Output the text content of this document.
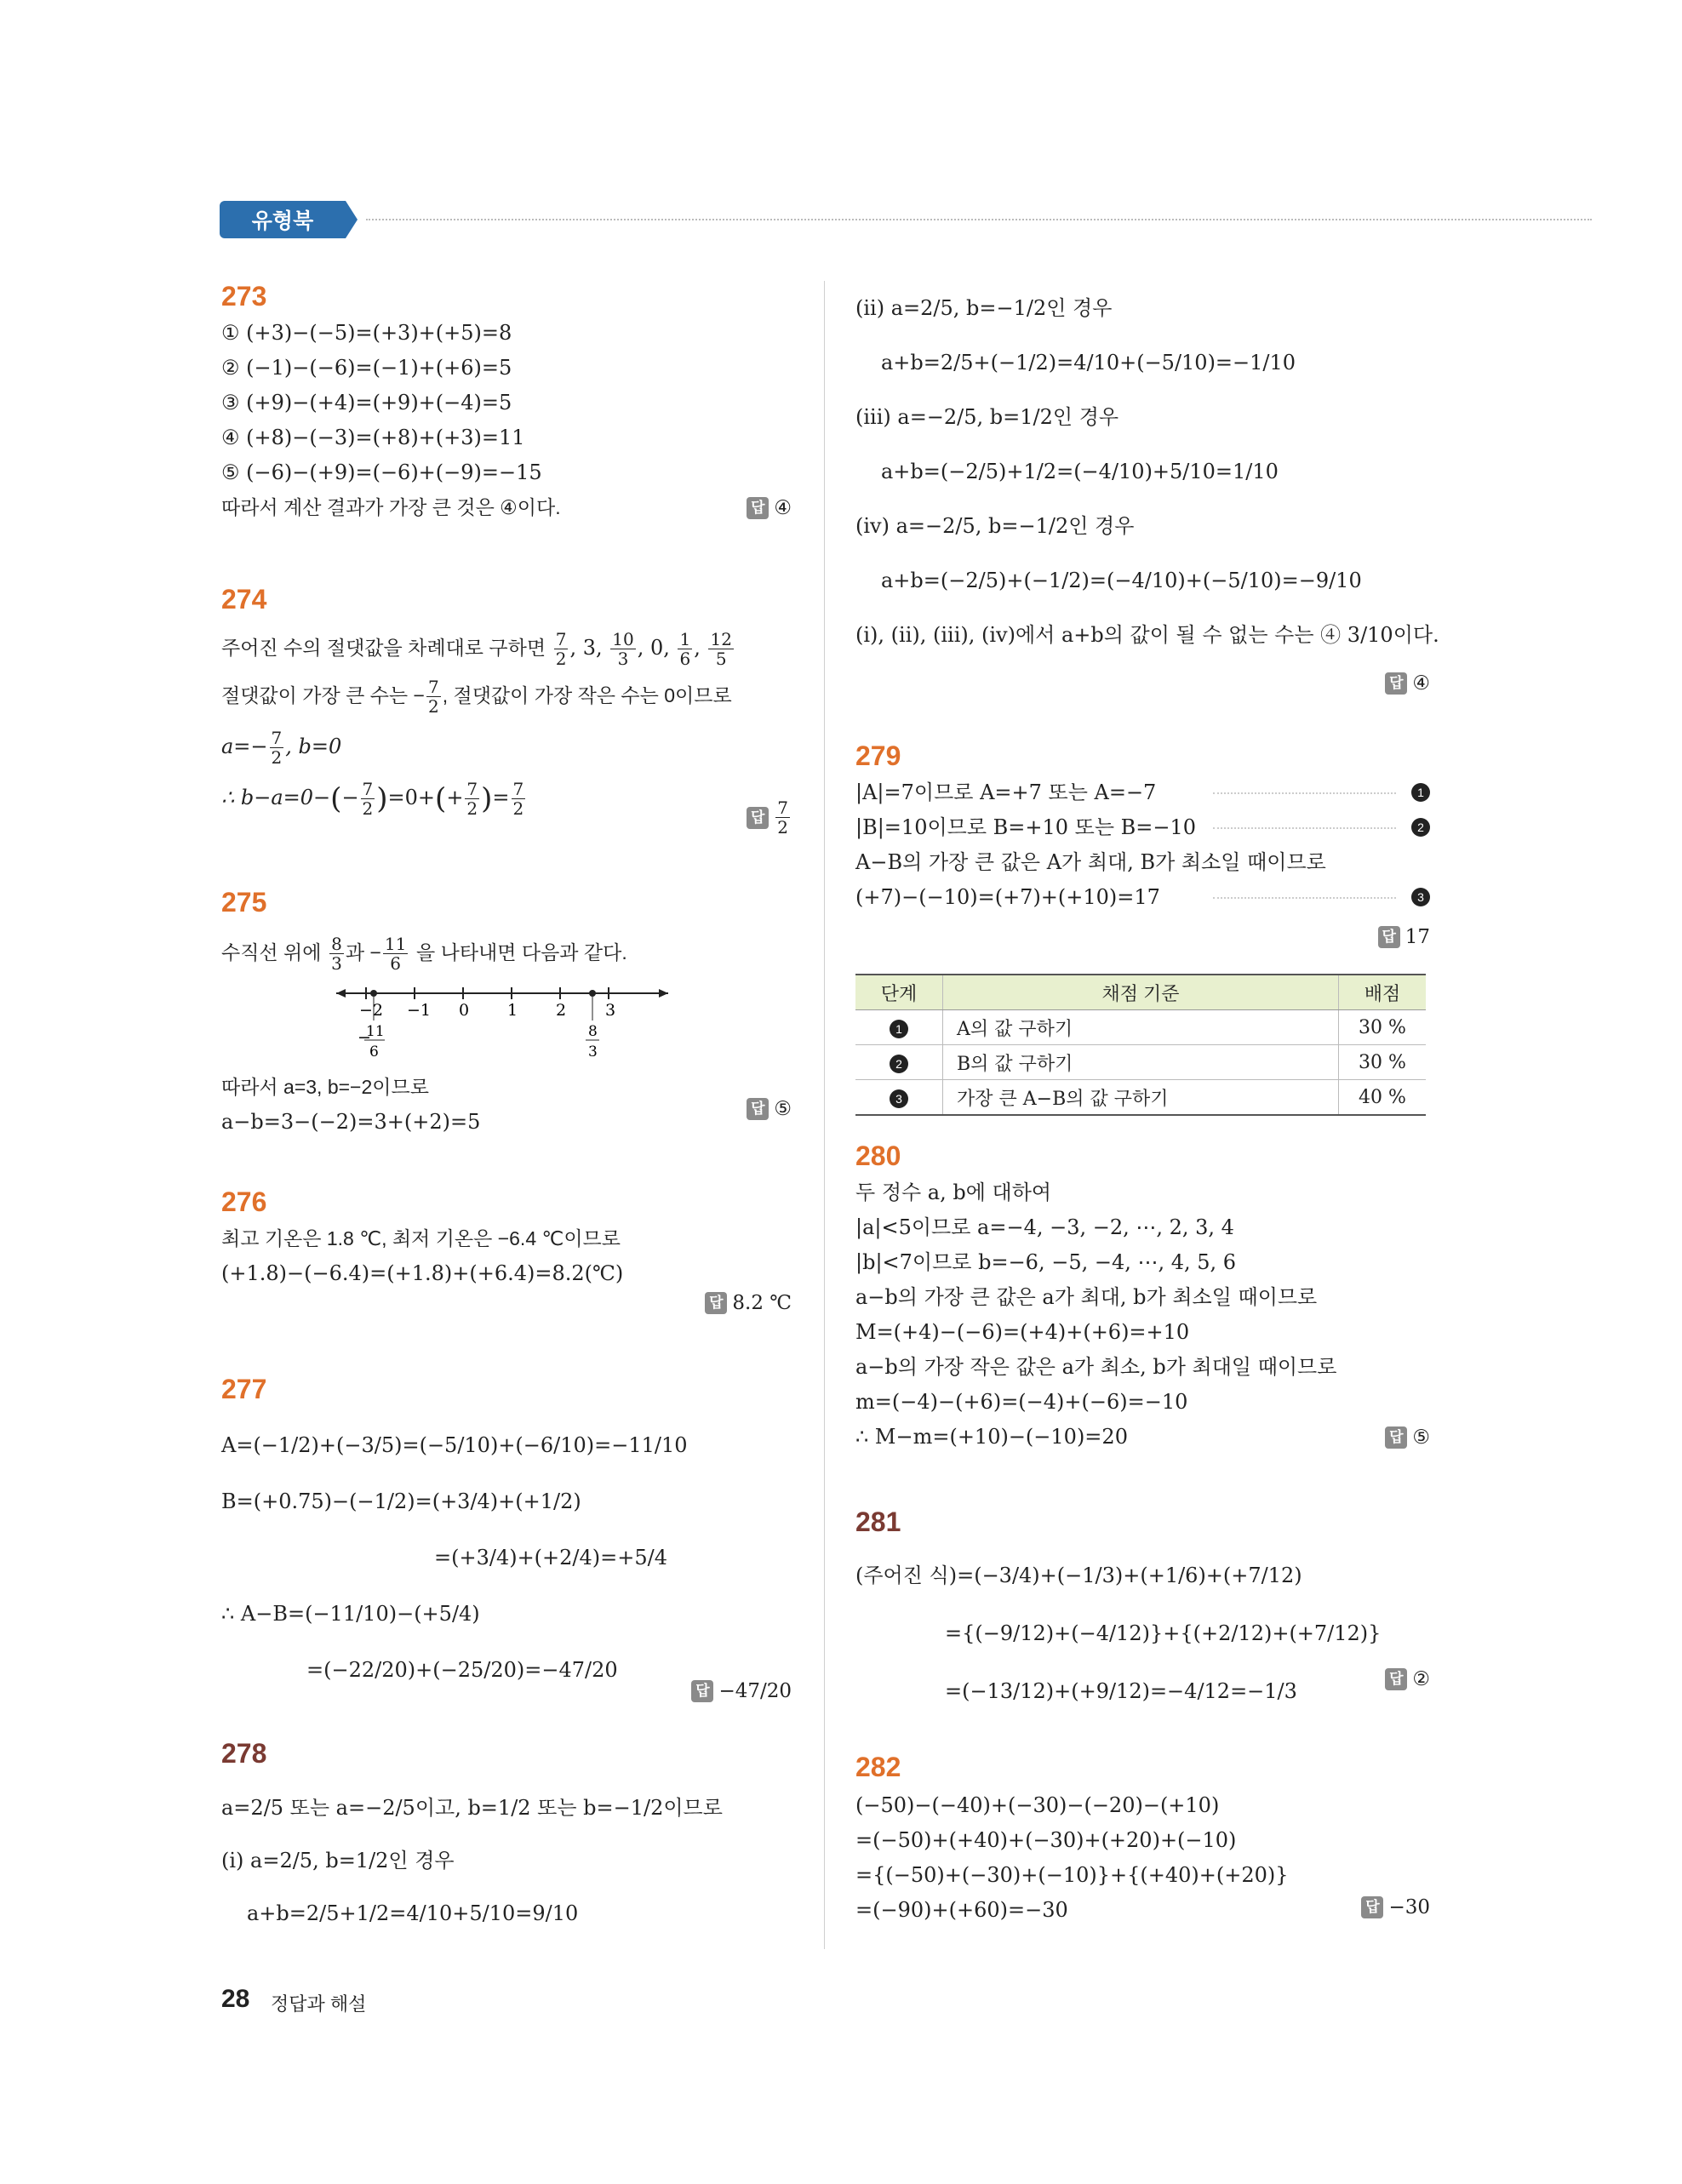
유형북
273
① (+3)−(−5)=(+3)+(+5)=8
② (−1)−(−6)=(−1)+(+6)=5
③ (+9)−(+4)=(+9)+(−4)=5
④ (+8)−(−3)=(+8)+(+3)=11
⑤ (−6)−(+9)=(−6)+(−9)=−15
따라서 계산 결과가 가장 큰 것은 ④이다.	답 ④
274
주어진 수의 절댓값을 차례대로 구하면 $\frac{7}{2}$ , 3, $\frac{10}{3}$ , 0, $\frac{1}{6}$ , $\frac{12}{5}$
절댓값이 가장 큰 수는 − $\frac{7}{2}$ , 절댓값이 가장 작은 수는 0이므로
$a=- \frac{7}{2}$ , b=0
∴ $b-a=0-(- \frac{7}{2} )=0+(+ \frac{7}{2}$ )= $\frac{7}{2}$	답 $\frac{7}{2}$
275
수직선 위에 $\frac{8}{3}$ 과 − $\frac{11}{6}$ 을 나타내면 다음과 같다.
−2 −1 0 1 2 3
−
11
6
8
3
따라서 a=3, b=−2이므로
a−b=3−(−2)=3+(+2)=5
답 ⑤
276
최고 기온은 1.8 ℃, 최저 기온은 −6.4 ℃이므로
(+1.8)−(−6.4)=(+1.8)+(+6.4)=8.2(℃)
답 8.2 ℃
277
A=(−1/2)+(−3/5)=(−5/10)+(−6/10)=−11/10
B=(+0.75)−(−1/2)=(+3/4)+(+1/2)
=(+3/4)+(+2/4)=+5/4
∴ A−B=(−11/10)−(+5/4)
=(−22/20)+(−25/20)=−47/20
답 −47/20
278
a=2/5 또는 a=−2/5이고, b=1/2 또는 b=−1/2이므로
(i) a=2/5, b=1/2인 경우
a+b=2/5+1/2=4/10+5/10=9/10
(ii) a=2/5, b=−1/2인 경우
a+b=2/5+(−1/2)=4/10+(−5/10)=−1/10
(iii) a=−2/5, b=1/2인 경우
a+b=(−2/5)+1/2=(−4/10)+5/10=1/10
(iv) a=−2/5, b=−1/2인 경우
a+b=(−2/5)+(−1/2)=(−4/10)+(−5/10)=−9/10
(i), (ii), (iii), (iv)에서 a+b의 값이 될 수 없는 수는 ④ 3/10이다.
답 ④
279
|A|=7이므로 A=+7 또는 A=−7	1
|B|=10이므로 B=+10 또는 B=−10	2
A−B의 가장 큰 값은 A가 최대, B가 최소일 때이므로
(+7)−(−10)=(+7)+(+10)=17	3
답 17
단계	채점 기준	배점
1	A의 값 구하기	30 %
2	B의 값 구하기	30 %
3	가장 큰 A−B의 값 구하기	40 %
280
두 정수 a, b에 대하여
|a|<5이므로 a=−4, −3, −2, ⋯, 2, 3, 4
|b|<7이므로 b=−6, −5, −4, ⋯, 4, 5, 6
a−b의 가장 큰 값은 a가 최대, b가 최소일 때이므로
M=(+4)−(−6)=(+4)+(+6)=+10
a−b의 가장 작은 값은 a가 최소, b가 최대일 때이므로
m=(−4)−(+6)=(−4)+(−6)=−10
∴ M−m=(+10)−(−10)=20	답 ⑤
281
(주어진 식)=(−3/4)+(−1/3)+(+1/6)+(+7/12)
={(−9/12)+(−4/12)}+{(+2/12)+(+7/12)}
=(−13/12)+(+9/12)=−4/12=−1/3
답 ②
282
(−50)−(−40)+(−30)−(−20)−(+10)
=(−50)+(+40)+(−30)+(+20)+(−10)
={(−50)+(−30)+(−10)}+{(+40)+(+20)}
=(−90)+(+60)=−30	답 −30
28 정답과 해설
